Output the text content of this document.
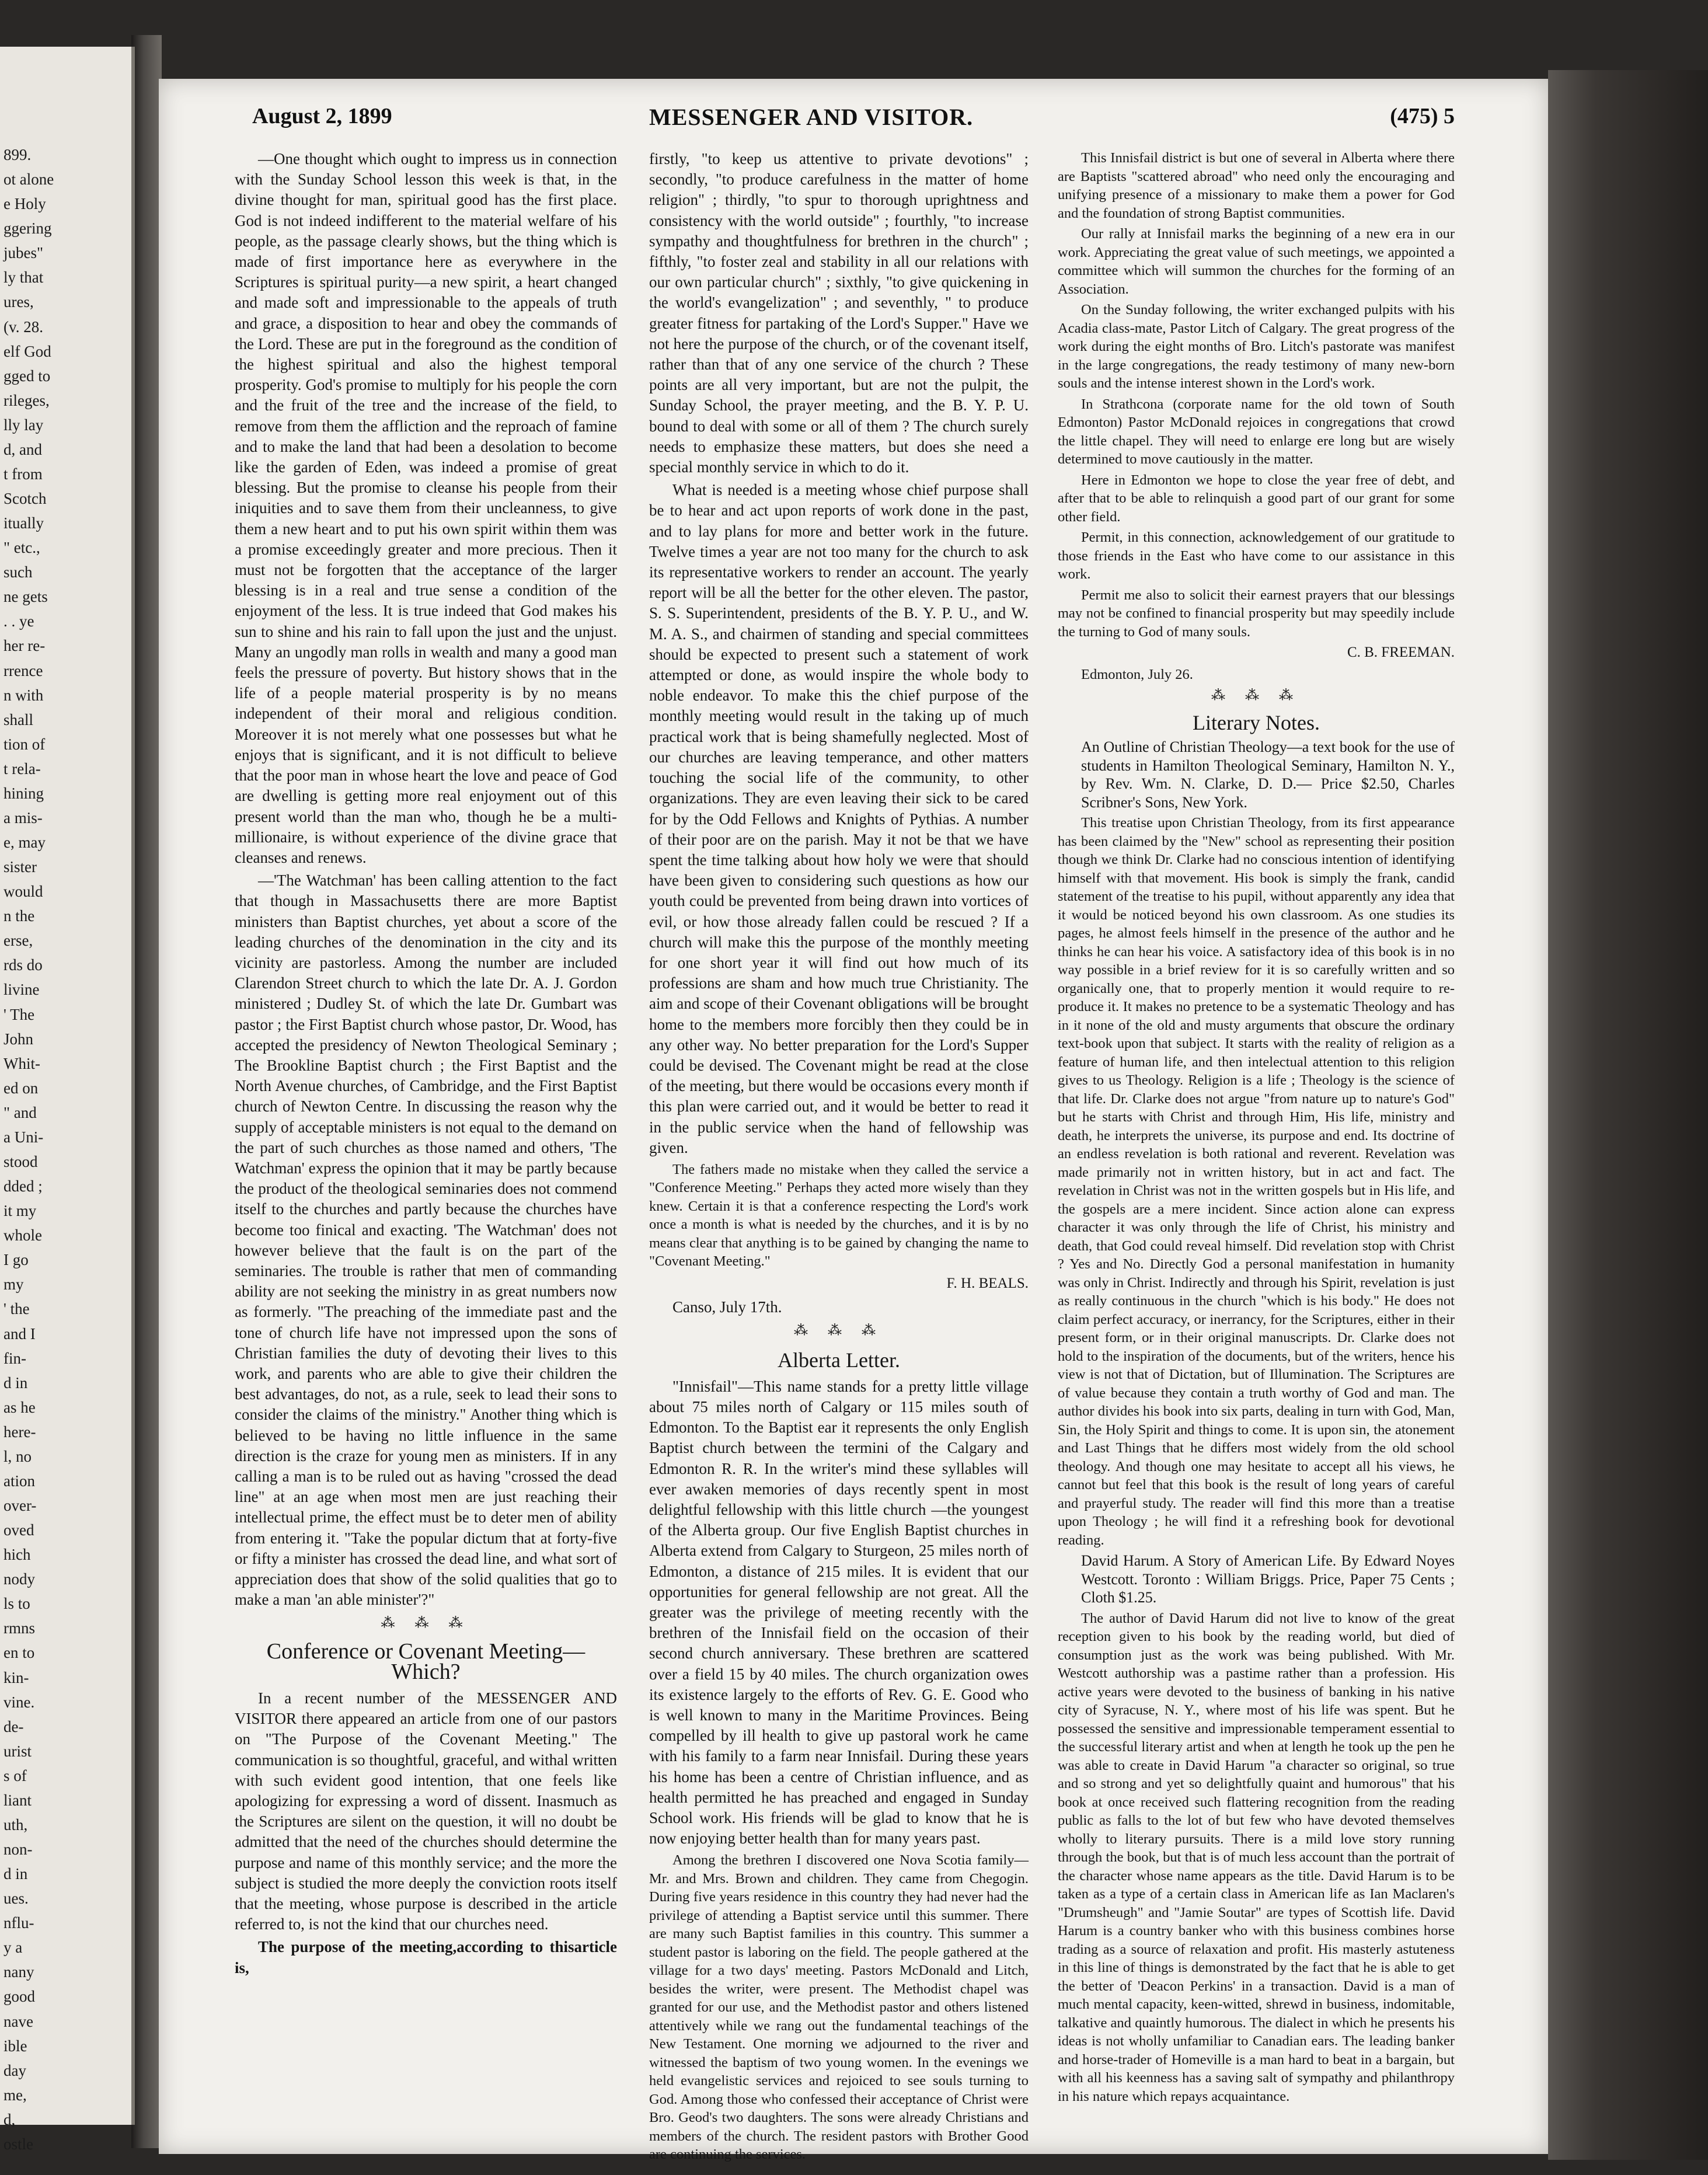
899.
ot alone
e Holy
ggering
jubes"
ly that
ures,
(v. 28.
elf God
gged to
rileges,
lly lay
d, and
t from
Scotch
itually
" etc.,
such
ne gets
. . ye
her re-
rrence
n with
shall
tion of
t rela-
hining
a mis-
e, may
sister
would
n the
erse,
rds do
livine
' The
John
Whit-
ed on
" and
a Uni-
stood
dded ;
it my
whole
I go
my
' the
and I
fin-
d in
as he
here-
l, no
ation
over-
oved
hich
nody
ls to
rmns
en to
kin-
vine.
de-
urist
s of
liant
uth,
non-
d in
ues.
nflu-
y a
nany
good
nave
ible
day
me,
d,
ostle
August 2, 1899	MESSENGER AND VISITOR.	(475) 5

—One thought which ought to impress us in connection with the Sunday School lesson this week is that, in the divine thought for man, spiritual good has the first place. God is not indeed indifferent to the material welfare of his people, as the passage clearly shows, but the thing which is made of first importance here as everywhere in the Scriptures is spiritual purity—a new spirit, a heart changed and made soft and impressionable to the appeals of truth and grace, a disposition to hear and obey the commands of the Lord. These are put in the foreground as the condition of the highest spiritual and also the highest temporal prosperity. God's promise to multiply for his people the corn and the fruit of the tree and the increase of the field, to remove from them the affliction and the reproach of famine and to make the land that had been a desolation to become like the garden of Eden, was indeed a promise of great blessing. But the promise to cleanse his people from their iniquities and to save them from their uncleanness, to give them a new heart and to put his own spirit within them was a promise exceedingly greater and more precious. Then it must not be forgotten that the acceptance of the larger blessing is in a real and true sense a condition of the enjoyment of the less. It is true indeed that God makes his sun to shine and his rain to fall upon the just and the unjust. Many an ungodly man rolls in wealth and many a good man feels the pressure of poverty. But history shows that in the life of a people material prosperity is by no means independent of their moral and religious condition. Moreover it is not merely what one possesses but what he enjoys that is significant, and it is not difficult to believe that the poor man in whose heart the love and peace of God are dwelling is getting more real enjoyment out of this present world than the man who, though he be a multi-millionaire, is without experience of the divine grace that cleanses and renews.

—'The Watchman' has been calling attention to the fact that though in Massachusetts there are more Baptist ministers than Baptist churches, yet about a score of the leading churches of the denomination in the city and its vicinity are pastorless. Among the number are included Clarendon Street church to which the late Dr. A. J. Gordon ministered ; Dudley St. of which the late Dr. Gumbart was pastor ; the First Baptist church whose pastor, Dr. Wood, has accepted the presidency of Newton Theological Seminary ; The Brookline Baptist church ; the First Baptist and the North Avenue churches, of Cambridge, and the First Baptist church of Newton Centre. In discussing the reason why the supply of acceptable ministers is not equal to the demand on the part of such churches as those named and others, 'The Watchman' express the opinion that it may be partly because the product of the theological seminaries does not commend itself to the churches and partly because the churches have become too finical and exacting. 'The Watchman' does not however believe that the fault is on the part of the seminaries. The trouble is rather that men of commanding ability are not seeking the ministry in as great numbers now as formerly. "The preaching of the immediate past and the tone of church life have not impressed upon the sons of Christian families the duty of devoting their lives to this work, and parents who are able to give their children the best advantages, do not, as a rule, seek to lead their sons to consider the claims of the ministry." Another thing which is believed to be having no little influence in the same direction is the craze for young men as ministers. If in any calling a man is to be ruled out as having "crossed the dead line" at an age when most men are just reaching their intellectual prime, the effect must be to deter men of ability from entering it. "Take the popular dictum that at forty-five or fifty a minister has crossed the dead line, and what sort of appreciation does that show of the solid qualities that go to make a man 'an able minister'?"

⁂ ⁂ ⁂
Conference or Covenant Meeting—Which?

In a recent number of the MESSENGER AND VISITOR there appeared an article from one of our pastors on "The Purpose of the Covenant Meeting." The communication is so thoughtful, graceful, and withal written with such evident good intention, that one feels like apologizing for expressing a word of dissent. Inasmuch as the Scriptures are silent on the question, it will no doubt be admitted that the need of the churches should determine the purpose and name of this monthly service; and the more the subject is studied the more deeply the conviction roots itself that the meeting, whose purpose is described in the article referred to, is not the kind that our churches need.

The purpose of the meeting,according to thisarticle is,

firstly, "to keep us attentive to private devotions" ; secondly, "to produce carefulness in the matter of home religion" ; thirdly, "to spur to thorough uprightness and consistency with the world outside" ; fourthly, "to increase sympathy and thoughtfulness for brethren in the church" ; fifthly, "to foster zeal and stability in all our relations with our own particular church" ; sixthly, "to give quickening in the world's evangelization" ; and seventhly, " to produce greater fitness for partaking of the Lord's Supper." Have we not here the purpose of the church, or of the covenant itself, rather than that of any one service of the church ? These points are all very important, but are not the pulpit, the Sunday School, the prayer meeting, and the B. Y. P. U. bound to deal with some or all of them ? The church surely needs to emphasize these matters, but does she need a special monthly service in which to do it.

What is needed is a meeting whose chief purpose shall be to hear and act upon reports of work done in the past, and to lay plans for more and better work in the future. Twelve times a year are not too many for the church to ask its representative workers to render an account. The yearly report will be all the better for the other eleven. The pastor, S. S. Superintendent, presidents of the B. Y. P. U., and W. M. A. S., and chairmen of standing and special committees should be expected to present such a statement of work attempted or done, as would inspire the whole body to noble endeavor. To make this the chief purpose of the monthly meeting would result in the taking up of much practical work that is being shamefully neglected. Most of our churches are leaving temperance, and other matters touching the social life of the community, to other organizations. They are even leaving their sick to be cared for by the Odd Fellows and Knights of Pythias. A number of their poor are on the parish. May it not be that we have spent the time talking about how holy we were that should have been given to considering such questions as how our youth could be prevented from being drawn into vortices of evil, or how those already fallen could be rescued ? If a church will make this the purpose of the monthly meeting for one short year it will find out how much of its professions are sham and how much true Christianity. The aim and scope of their Covenant obligations will be brought home to the members more forcibly then they could be in any other way. No better preparation for the Lord's Supper could be devised. The Covenant might be read at the close of the meeting, but there would be occasions every month if this plan were carried out, and it would be better to read it in the public service when the hand of fellowship was given.

The fathers made no mistake when they called the service a "Conference Meeting." Perhaps they acted more wisely than they knew. Certain it is that a conference respecting the Lord's work once a month is what is needed by the churches, and it is by no means clear that anything is to be gained by changing the name to "Covenant Meeting."

F. H. BEALS.
Canso, July 17th.
⁂ ⁂ ⁂
Alberta Letter.

"Innisfail"—This name stands for a pretty little village about 75 miles north of Calgary or 115 miles south of Edmonton. To the Baptist ear it represents the only English Baptist church between the termini of the Calgary and Edmonton R. R. In the writer's mind these syllables will ever awaken memories of days recently spent in most delightful fellowship with this little church —the youngest of the Alberta group. Our five English Baptist churches in Alberta extend from Calgary to Sturgeon, 25 miles north of Edmonton, a distance of 215 miles. It is evident that our opportunities for general fellowship are not great. All the greater was the privilege of meeting recently with the brethren of the Innisfail field on the occasion of their second church anniversary. These brethren are scattered over a field 15 by 40 miles. The church organization owes its existence largely to the efforts of Rev. G. E. Good who is well known to many in the Maritime Provinces. Being compelled by ill health to give up pastoral work he came with his family to a farm near Innisfail. During these years his home has been a centre of Christian influence, and as health permitted he has preached and engaged in Sunday School work. His friends will be glad to know that he is now enjoying better health than for many years past.

Among the brethren I discovered one Nova Scotia family—Mr. and Mrs. Brown and children. They came from Chegogin. During five years residence in this country they had never had the privilege of attending a Baptist service until this summer. There are many such Baptist families in this country. This summer a student pastor is laboring on the field. The people gathered at the village for a two days' meeting. Pastors McDonald and Litch, besides the writer, were present. The Methodist chapel was granted for our use, and the Methodist pastor and others listened attentively while we rang out the fundamental teachings of the New Testament. One morning we adjourned to the river and witnessed the baptism of two young women. In the evenings we held evangelistic services and rejoiced to see souls turning to God. Among those who confessed their acceptance of Christ were Bro. Geod's two daughters. The sons were already Christians and members of the church. The resident pastors with Brother Good are continuing the services.

This Innisfail district is but one of several in Alberta where there are Baptists "scattered abroad" who need only the encouraging and unifying presence of a missionary to make them a power for God and the foundation of strong Baptist communities.

Our rally at Innisfail marks the beginning of a new era in our work. Appreciating the great value of such meetings, we appointed a committee which will summon the churches for the forming of an Association.

On the Sunday following, the writer exchanged pulpits with his Acadia class-mate, Pastor Litch of Calgary. The great progress of the work during the eight months of Bro. Litch's pastorate was manifest in the large congregations, the ready testimony of many new-born souls and the intense interest shown in the Lord's work.

In Strathcona (corporate name for the old town of South Edmonton) Pastor McDonald rejoices in congregations that crowd the little chapel. They will need to enlarge ere long but are wisely determined to move cautiously in the matter.

Here in Edmonton we hope to close the year free of debt, and after that to be able to relinquish a good part of our grant for some other field.

Permit, in this connection, acknowledgement of our gratitude to those friends in the East who have come to our assistance in this work.

Permit me also to solicit their earnest prayers that our blessings may not be confined to financial prosperity but may speedily include the turning to God of many souls.

C. B. FREEMAN.
Edmonton, July 26.
⁂ ⁂ ⁂
Literary Notes.

An Outline of Christian Theology—a text book for the use of students in Hamilton Theological Seminary, Hamilton N. Y., by Rev. Wm. N. Clarke, D. D.— Price $2.50, Charles Scribner's Sons, New York.

This treatise upon Christian Theology, from its first appearance has been claimed by the "New" school as representing their position though we think Dr. Clarke had no conscious intention of identifying himself with that movement. His book is simply the frank, candid statement of the treatise to his pupil, without apparently any idea that it would be noticed beyond his own classroom. As one studies its pages, he almost feels himself in the presence of the author and he thinks he can hear his voice. A satisfactory idea of this book is in no way possible in a brief review for it is so carefully written and so organically one, that to properly mention it would require to re-produce it. It makes no pretence to be a systematic Theology and has in it none of the old and musty arguments that obscure the ordinary text-book upon that subject. It starts with the reality of religion as a feature of human life, and then intelectual attention to this religion gives to us Theology. Religion is a life ; Theology is the science of that life. Dr. Clarke does not argue "from nature up to nature's God" but he starts with Christ and through Him, His life, ministry and death, he interprets the universe, its purpose and end. Its doctrine of an endless revelation is both rational and reverent. Revelation was made primarily not in written history, but in act and fact. The revelation in Christ was not in the written gospels but in His life, and the gospels are a mere incident. Since action alone can express character it was only through the life of Christ, his ministry and death, that God could reveal himself. Did revelation stop with Christ ? Yes and No. Directly God a personal manifestation in humanity was only in Christ. Indirectly and through his Spirit, revelation is just as really continuous in the church "which is his body." He does not claim perfect accuracy, or inerrancy, for the Scriptures, either in their present form, or in their original manuscripts. Dr. Clarke does not hold to the inspiration of the documents, but of the writers, hence his view is not that of Dictation, but of Illumination. The Scriptures are of value because they contain a truth worthy of God and man. The author divides his book into six parts, dealing in turn with God, Man, Sin, the Holy Spirit and things to come. It is upon sin, the atonement and Last Things that he differs most widely from the old school theology. And though one may hesitate to accept all his views, he cannot but feel that this book is the result of long years of careful and prayerful study. The reader will find this more than a treatise upon Theology ; he will find it a refreshing book for devotional reading.

David Harum. A Story of American Life. By Edward Noyes Westcott. Toronto : William Briggs. Price, Paper 75 Cents ; Cloth $1.25.

The author of David Harum did not live to know of the great reception given to his book by the reading world, but died of consumption just as the work was being published. With Mr. Westcott authorship was a pastime rather than a profession. His active years were devoted to the business of banking in his native city of Syracuse, N. Y., where most of his life was spent. But he possessed the sensitive and impressionable temperament essential to the successful literary artist and when at length he took up the pen he was able to create in David Harum "a character so original, so true and so strong and yet so delightfully quaint and humorous" that his book at once received such flattering recognition from the reading public as falls to the lot of but few who have devoted themselves wholly to literary pursuits. There is a mild love story running through the book, but that is of much less account than the portrait of the character whose name appears as the title. David Harum is to be taken as a type of a certain class in American life as Ian Maclaren's "Drumsheugh" and "Jamie Soutar" are types of Scottish life. David Harum is a country banker who with this business combines horse trading as a source of relaxation and profit. His masterly astuteness in this line of things is demonstrated by the fact that he is able to get the better of 'Deacon Perkins' in a transaction. David is a man of much mental capacity, keen-witted, shrewd in business, indomitable, talkative and quaintly humorous. The dialect in which he presents his ideas is not wholly unfamiliar to Canadian ears. The leading banker and horse-trader of Homeville is a man hard to beat in a bargain, but with all his keenness has a saving salt of sympathy and philanthropy in his nature which repays acquaintance.
